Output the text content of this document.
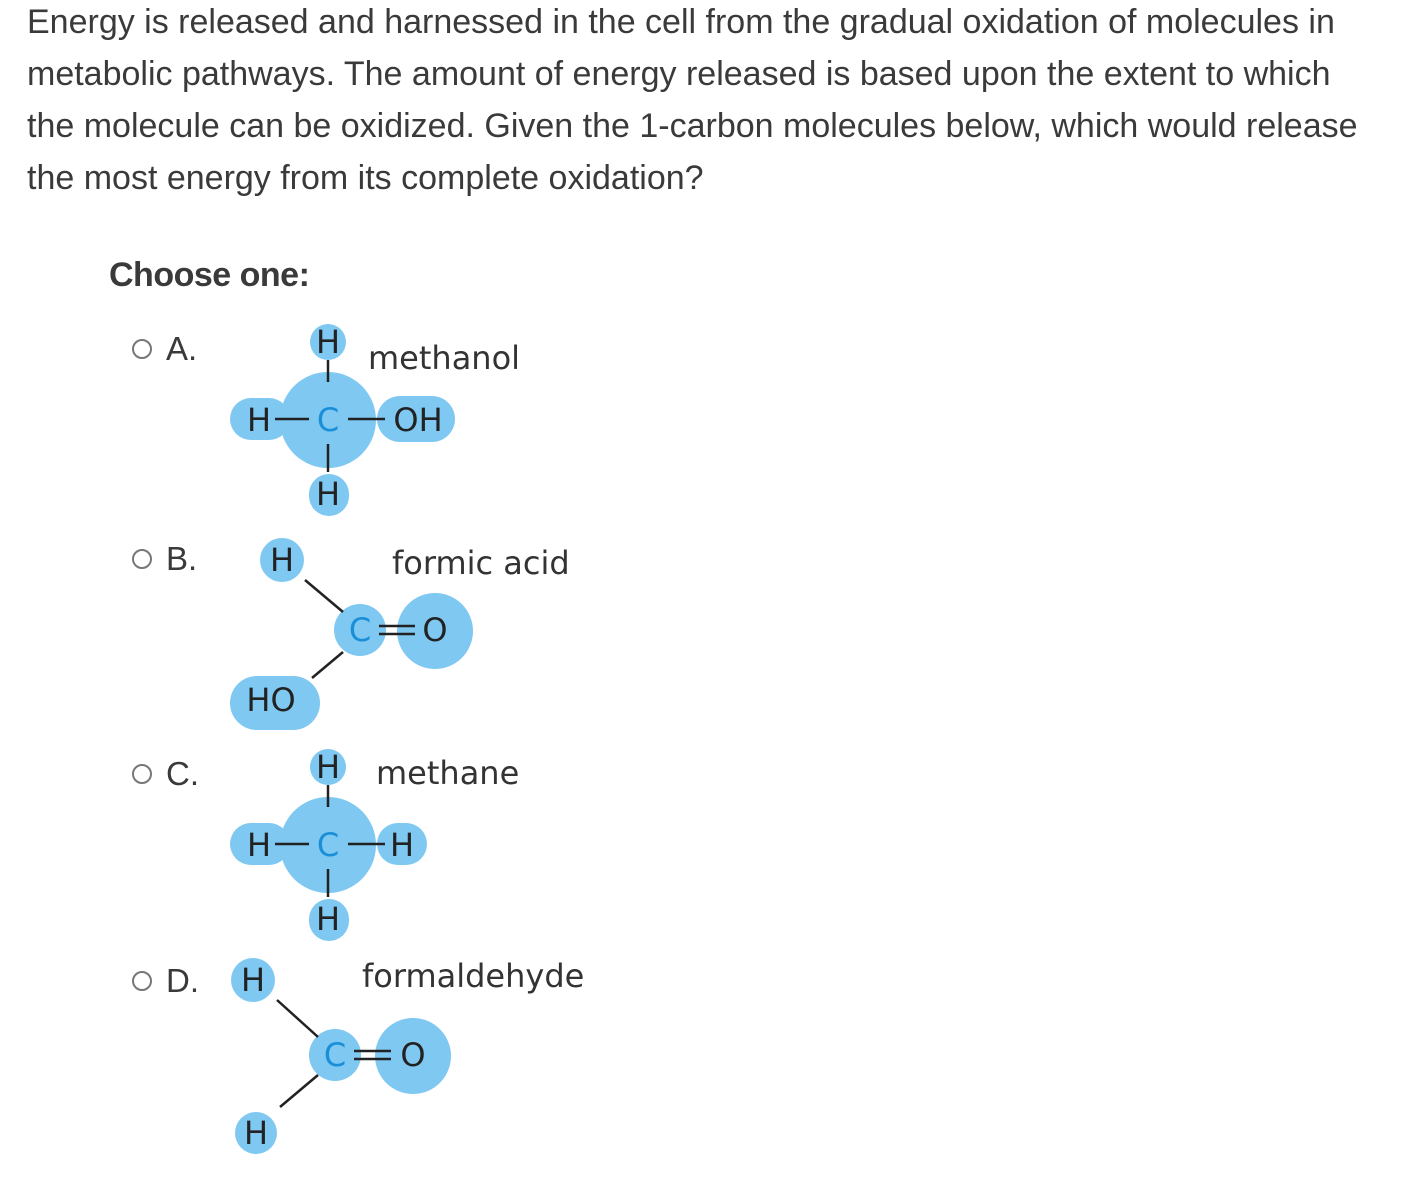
Energy is released and harnessed in the cell from the gradual oxidation of molecules in metabolic pathways. The amount of energy released is based upon the extent to which the molecule can be oxidized. Given the 1-carbon molecules below, which would release the most energy from its complete oxidation?

Choose one:

A.	methanol
H
H C OH
H
B.	formic acid
H
C O
HO
C.	methane
H
H C H
H
D.	formaldehyde
H
C O
H
